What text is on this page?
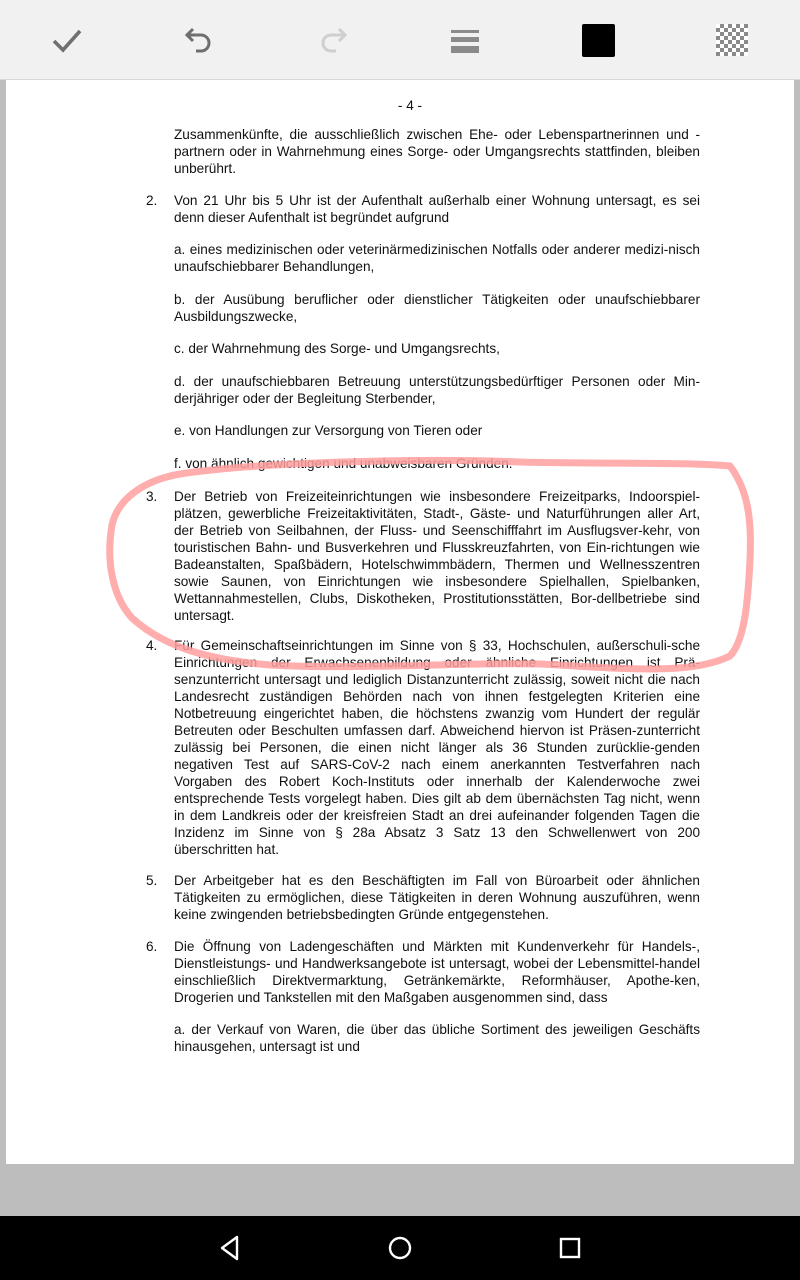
- 4 -
Zusammenkünfte, die ausschließlich zwischen Ehe- oder Lebenspartnerinnen und -partnern oder in Wahrnehmung eines Sorge- oder Umgangsrechts stattfinden, bleiben unberührt.
2. Von 21 Uhr bis 5 Uhr ist der Aufenthalt außerhalb einer Wohnung untersagt, es sei denn dieser Aufenthalt ist begründet aufgrund
a. eines medizinischen oder veterinärmedizinischen Notfalls oder anderer medizi-nisch unaufschiebbarer Behandlungen,
b. der Ausübung beruflicher oder dienstlicher Tätigkeiten oder unaufschiebbarer Ausbildungszwecke,
c. der Wahrnehmung des Sorge- und Umgangsrechts,
d. der unaufschiebbaren Betreuung unterstützungsbedürftiger Personen oder Min-derjähriger oder der Begleitung Sterbender,
e. von Handlungen zur Versorgung von Tieren oder
f. von ähnlich gewichtigen und unabweisbaren Gründen.
3. Der Betrieb von Freizeiteinrichtungen wie insbesondere Freizeitparks, Indoorspiel-plätzen, gewerbliche Freizeitaktivitäten, Stadt-, Gäste- und Naturführungen aller Art, der Betrieb von Seilbahnen, der Fluss- und Seenschifffahrt im Ausflugsver-kehr, von touristischen Bahn- und Busverkehren und Flusskreuzfahrten, von Ein-richtungen wie Badeanstalten, Spaßbädern, Hotelschwimmbädern, Thermen und Wellnesszentren sowie Saunen, von Einrichtungen wie insbesondere Spielhallen, Spielbanken, Wettannahmestellen, Clubs, Diskotheken, Prostitutionsstätten, Bor-dellbetriebe sind untersagt.
4. Für Gemeinschaftseinrichtungen im Sinne von § 33, Hochschulen, außerschuli-sche Einrichtungen der Erwachsenenbildung oder ähnliche Einrichtungen ist Prä-senzunterricht untersagt und lediglich Distanzunterricht zulässig, soweit nicht die nach Landesrecht zuständigen Behörden nach von ihnen festgelegten Kriterien eine Notbetreuung eingerichtet haben, die höchstens zwanzig vom Hundert der regulär Betreuten oder Beschulten umfassen darf. Abweichend hiervon ist Präsen-zunterricht zulässig bei Personen, die einen nicht länger als 36 Stunden zurücklie-genden negativen Test auf SARS-CoV-2 nach einem anerkannten Testverfahren nach Vorgaben des Robert Koch-Instituts oder innerhalb der Kalenderwoche zwei entsprechende Tests vorgelegt haben. Dies gilt ab dem übernächsten Tag nicht, wenn in dem Landkreis oder der kreisfreien Stadt an drei aufeinander folgenden Tagen die Inzidenz im Sinne von § 28a Absatz 3 Satz 13 den Schwellenwert von 200 überschritten hat.
5. Der Arbeitgeber hat es den Beschäftigten im Fall von Büroarbeit oder ähnlichen Tätigkeiten zu ermöglichen, diese Tätigkeiten in deren Wohnung auszuführen, wenn keine zwingenden betriebsbedingten Gründe entgegenstehen.
6. Die Öffnung von Ladengeschäften und Märkten mit Kundenverkehr für Handels-, Dienstleistungs- und Handwerksangebote ist untersagt, wobei der Lebensmittel-handel einschließlich Direktvermarktung, Getränkemärkte, Reformhäuser, Apothe-ken, Drogerien und Tankstellen mit den Maßgaben ausgenommen sind, dass
a. der Verkauf von Waren, die über das übliche Sortiment des jeweiligen Geschäfts hinausgehen, untersagt ist und
